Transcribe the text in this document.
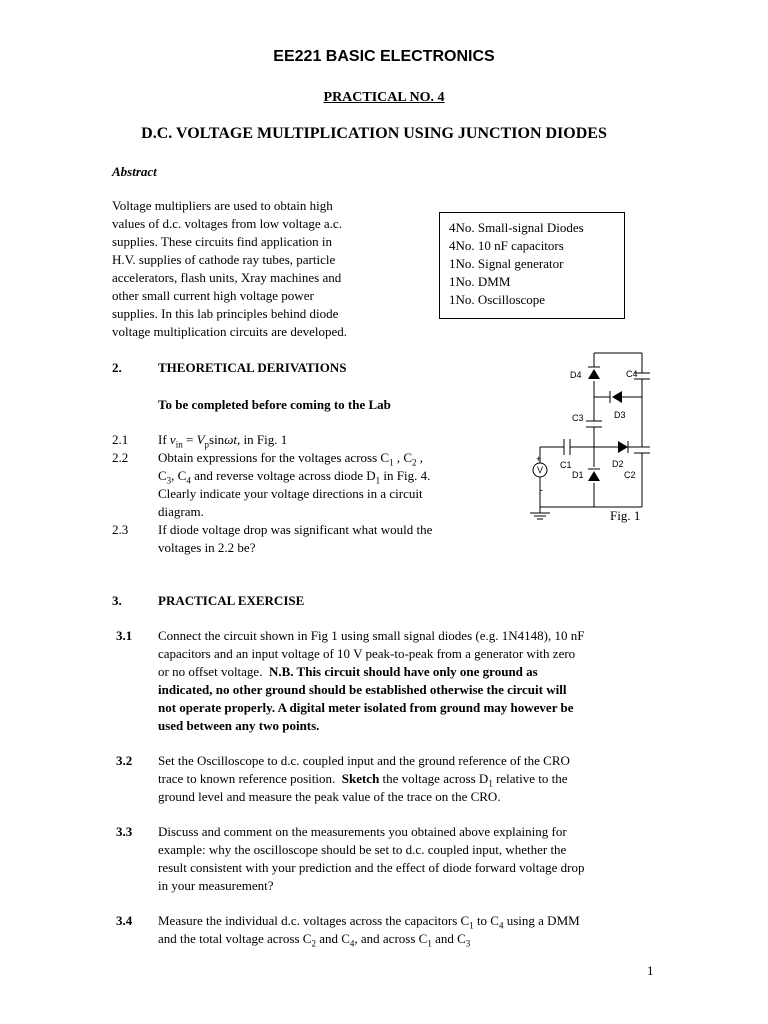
EE221 BASIC ELECTRONICS
PRACTICAL NO. 4
D.C. VOLTAGE MULTIPLICATION USING JUNCTION DIODES
Abstract
Voltage multipliers are used to obtain high
values of d.c. voltages from low voltage a.c.
supplies. These circuits find application in
H.V. supplies of cathode ray tubes, particle
accelerators, flash units, Xray machines and
other small current high voltage power
supplies. In this lab principles behind diode
voltage multiplication circuits are developed.
4No. Small-signal Diodes
4No. 10 nF capacitors
1No. Signal generator
1No. DMM
1No. Oscilloscope
2.	THEORETICAL DERIVATIONS
To be completed before coming to the Lab
2.1 If $v_{in} = V_p\sin\omega t$, in Fig. 1
2.2 Obtain expressions for the voltages across $C_1$ , $C_2$ ,
$C_3$, $C_4$ and reverse voltage across diode $D_1$ in Fig. 4.
Clearly indicate your voltage directions in a circuit
diagram.
2.3 If diode voltage drop was significant what would the
voltages in 2.2 be?
V
+
-
D4	C4
D3
C3
C1	D2
D1	C2
Fig. 1
3.	PRACTICAL EXERCISE
3.1 Connect the circuit shown in Fig 1 using small signal diodes (e.g. 1N4148), 10 nF
capacitors and an input voltage of 10 V peak-to-peak from a generator with zero
or no offset voltage. N.B. This circuit should have only one ground as
indicated, no other ground should be established otherwise the circuit will
not operate properly. A digital meter isolated from ground may however be
used between any two points.
3.2 Set the Oscilloscope to d.c. coupled input and the ground reference of the CRO
trace to known reference position. Sketch the voltage across $D_1$ relative to the
ground level and measure the peak value of the trace on the CRO.
3.3 Discuss and comment on the measurements you obtained above explaining for
example: why the oscilloscope should be set to d.c. coupled input, whether the
result consistent with your prediction and the effect of diode forward voltage drop
in your measurement?
3.4 Measure the individual d.c. voltages across the capacitors $C_1$ to $C_4$ using a DMM
and the total voltage across $C_2$ and $C_4$, and across $C_1$ and $C_3$
1
